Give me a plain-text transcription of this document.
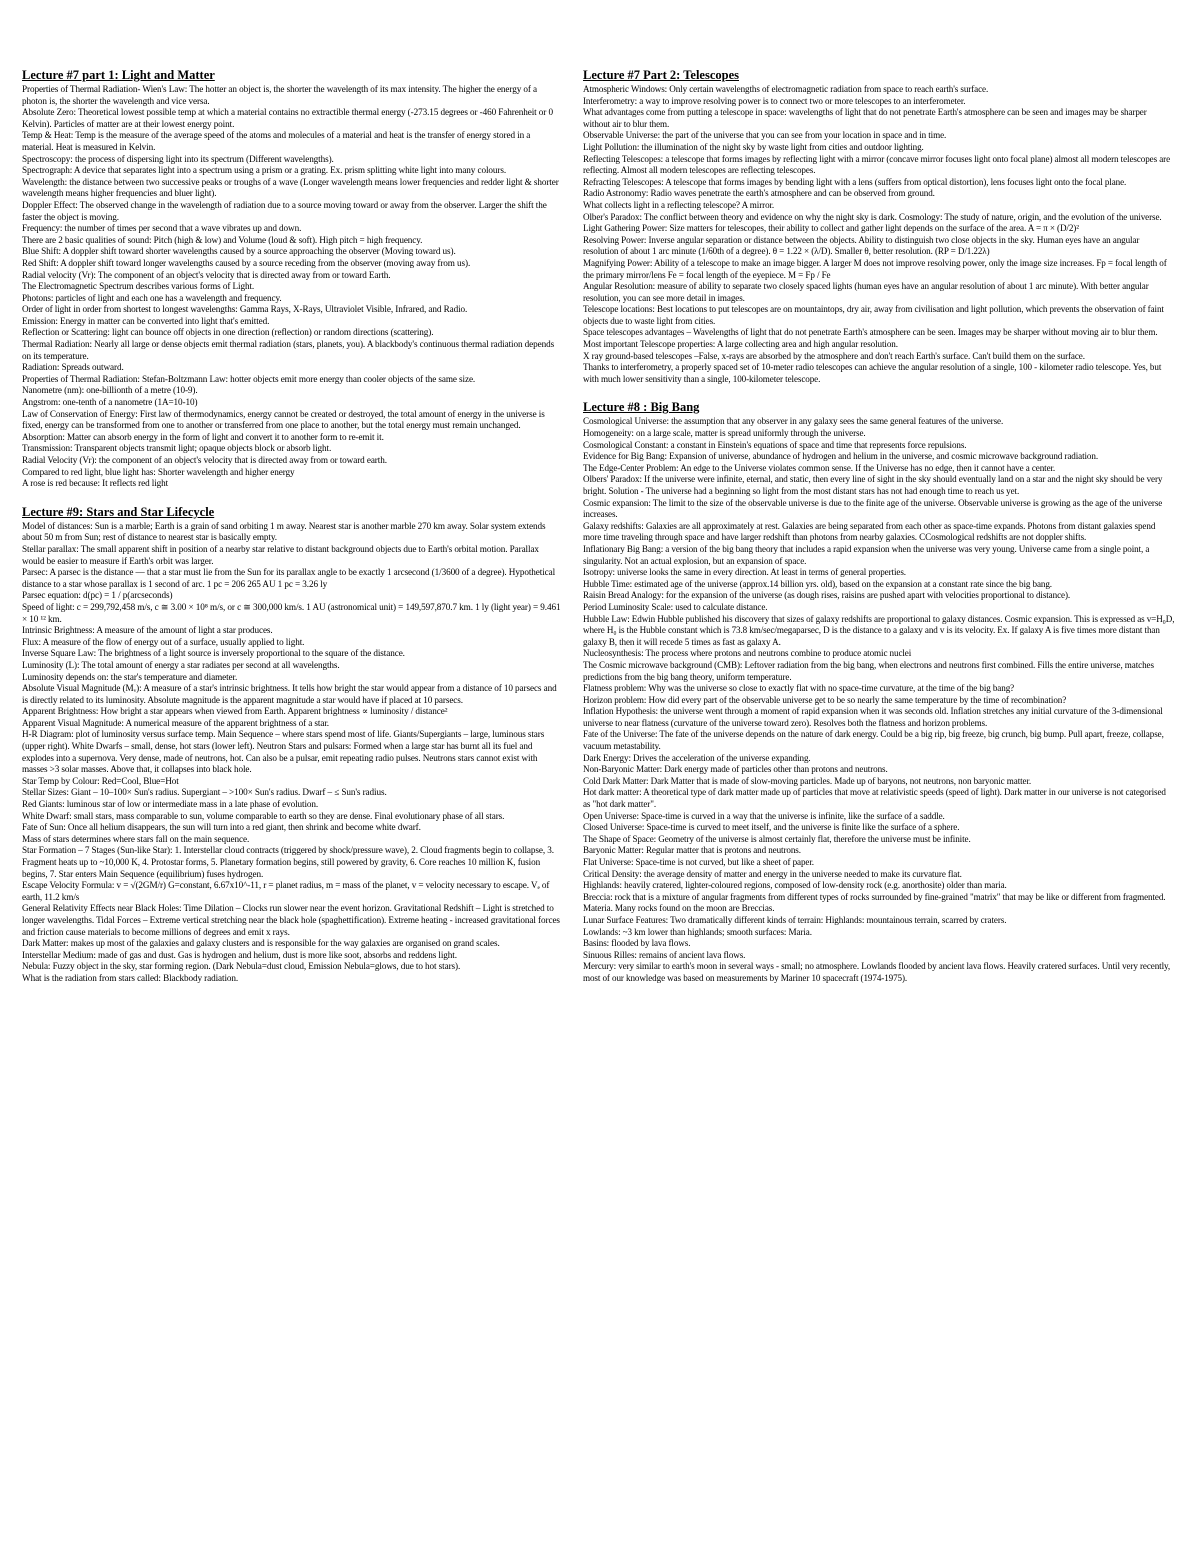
Lecture #7 part 1: Light and Matter
Properties of Thermal Radiation- Wien's Law: The hotter an object is, the shorter the wavelength of its max intensity. The higher the energy of a photon is, the shorter the wavelength and vice versa.
Absolute Zero: Theoretical lowest possible temp at which a material contains no extractible thermal energy (-273.15 degrees or -460 Fahrenheit or 0 Kelvin). Particles of matter are at their lowest energy point.
Temp & Heat: Temp is the measure of the average speed of the atoms and molecules of a material and heat is the transfer of energy stored in a material. Heat is measured in Kelvin.
Spectroscopy: the process of dispersing light into its spectrum (Different wavelengths).
Spectrograph: A device that separates light into a spectrum using a prism or a grating. Ex. prism splitting white light into many colours.
Wavelength: the distance between two successive peaks or troughs of a wave (Longer wavelength means lower frequencies and redder light & shorter wavelength means higher frequencies and bluer light).
Doppler Effect: The observed change in the wavelength of radiation due to a source moving toward or away from the observer. Larger the shift the faster the object is moving.
Frequency: the number of times per second that a wave vibrates up and down.
There are 2 basic qualities of sound: Pitch (high & low) and Volume (loud & soft). High pitch = high frequency.
Blue Shift: A doppler shift toward shorter wavelengths caused by a source approaching the observer (Moving toward us).
Red Shift: A doppler shift toward longer wavelengths caused by a source receding from the observer (moving away from us).
Radial velocity (Vr): The component of an object's velocity that is directed away from or toward Earth.
The Electromagnetic Spectrum describes various forms of Light.
Photons: particles of light and each one has a wavelength and frequency.
Order of light in order from shortest to longest wavelengths: Gamma Rays, X-Rays, Ultraviolet Visible, Infrared, and Radio.
Emission: Energy in matter can be converted into light that's emitted.
Reflection or Scattering: light can bounce off objects in one direction (reflection) or random directions (scattering).
Thermal Radiation: Nearly all large or dense objects emit thermal radiation (stars, planets, you). A blackbody's continuous thermal radiation depends on its temperature.
Radiation: Spreads outward.
Properties of Thermal Radiation: Stefan-Boltzmann Law: hotter objects emit more energy than cooler objects of the same size.
Nanometre (nm): one-billionth of a metre (10-9).
Angstrom: one-tenth of a nanometre (1A=10-10)
Law of Conservation of Energy: First law of thermodynamics, energy cannot be created or destroyed, the total amount of energy in the universe is fixed, energy can be transformed from one to another or transferred from one place to another, but the total energy must remain unchanged.
Absorption: Matter can absorb energy in the form of light and convert it to another form to re-emit it.
Transmission: Transparent objects transmit light; opaque objects block or absorb light.
Radial Velocity (Vr): the component of an object's velocity that is directed away from or toward earth.
Compared to red light, blue light has: Shorter wavelength and higher energy
A rose is red because: It reflects red light
Lecture #9: Stars and Star Lifecycle
Model of distances: Sun is a marble; Earth is a grain of sand orbiting 1 m away. Nearest star is another marble 270 km away. Solar system extends about 50 m from Sun; rest of distance to nearest star is basically empty.
Stellar parallax: The small apparent shift in position of a nearby star relative to distant background objects due to Earth's orbital motion. Parallax would be easier to measure if Earth's orbit was larger.
Parsec: A parsec is the distance — that a star must lie from the Sun for its parallax angle to be exactly 1 arcsecond (1/3600 of a degree). Hypothetical distance to a star whose parallax is 1 second of arc. 1 pc = 206 265 AU 1 pc = 3.26 ly
Parsec equation: d(pc) = 1 / p(arcseconds)
Speed of light: c = 299,792,458 m/s, c ≅ 3.00 × 10⁸ m/s, or c ≅ 300,000 km/s. 1 AU (astronomical unit) = 149,597,870.7 km. 1 ly (light year) = 9.461 × 10 ¹² km.
Intrinsic Brightness: A measure of the amount of light a star produces.
Flux: A measure of the flow of energy out of a surface, usually applied to light.
Inverse Square Law: The brightness of a light source is inversely proportional to the square of the distance.
Luminosity (L): The total amount of energy a star radiates per second at all wavelengths.
Luminosity depends on: the star's temperature and diameter.
Absolute Visual Magnitude (Mᵥ): A measure of a star's intrinsic brightness. It tells how bright the star would appear from a distance of 10 parsecs and is directly related to its luminosity. Absolute magnitude is the apparent magnitude a star would have if placed at 10 parsecs.
Apparent Brightness: How bright a star appears when viewed from Earth. Apparent brightness ∝ luminosity / distance²
Apparent Visual Magnitude: A numerical measure of the apparent brightness of a star.
H-R Diagram: plot of luminosity versus surface temp. Main Sequence – where stars spend most of life. Giants/Supergiants – large, luminous stars (upper right). White Dwarfs – small, dense, hot stars (lower left). Neutron Stars and pulsars: Formed when a large star has burnt all its fuel and explodes into a supernova. Very dense, made of neutrons, hot. Can also be a pulsar, emit repeating radio pulses. Neutrons stars cannot exist with masses >3 solar masses. Above that, it collapses into black hole.
Star Temp by Colour: Red=Cool, Blue=Hot
Stellar Sizes: Giant – 10–100× Sun's radius. Supergiant – >100× Sun's radius. Dwarf – ≤ Sun's radius.
Red Giants: luminous star of low or intermediate mass in a late phase of evolution.
White Dwarf: small stars, mass comparable to sun, volume comparable to earth so they are dense. Final evolutionary phase of all stars.
Fate of Sun: Once all helium disappears, the sun will turn into a red giant, then shrink and become white dwarf.
Mass of stars determines where stars fall on the main sequence.
Star Formation – 7 Stages (Sun-like Star): 1. Interstellar cloud contracts (triggered by shock/pressure wave), 2. Cloud fragments begin to collapse, 3. Fragment heats up to ~10,000 K, 4. Protostar forms, 5. Planetary formation begins, still powered by gravity, 6. Core reaches 10 million K, fusion begins, 7. Star enters Main Sequence (equilibrium) fuses hydrogen.
Escape Velocity Formula: v = √(2GM/r) G=constant, 6.67x10^-11, r = planet radius, m = mass of the planet, v = velocity necessary to escape. Vₑ of earth, 11.2 km/s
General Relativity Effects near Black Holes: Time Dilation – Clocks run slower near the event horizon. Gravitational Redshift – Light is stretched to longer wavelengths. Tidal Forces – Extreme vertical stretching near the black hole (spaghettification). Extreme heating - increased gravitational forces and friction cause materials to become millions of degrees and emit x rays.
Dark Matter: makes up most of the galaxies and galaxy clusters and is responsible for the way galaxies are organised on grand scales.
Interstellar Medium: made of gas and dust. Gas is hydrogen and helium, dust is more like soot, absorbs and reddens light.
Nebula: Fuzzy object in the sky, star forming region. (Dark Nebula=dust cloud, Emission Nebula=glows, due to hot stars).
What is the radiation from stars called: Blackbody radiation.
Lecture #7 Part 2: Telescopes
Atmospheric Windows: Only certain wavelengths of electromagnetic radiation from space to reach earth's surface.
Interferometry: a way to improve resolving power is to connect two or more telescopes to an interferometer.
What advantages come from putting a telescope in space: wavelengths of light that do not penetrate Earth's atmosphere can be seen and images may be sharper without air to blur them.
Observable Universe: the part of the universe that you can see from your location in space and in time.
Light Pollution: the illumination of the night sky by waste light from cities and outdoor lighting.
Reflecting Telescopes: a telescope that forms images by reflecting light with a mirror (concave mirror focuses light onto focal plane) almost all modern telescopes are reflecting. Almost all modern telescopes are reflecting telescopes.
Refracting Telescopes: A telescope that forms images by bending light with a lens (suffers from optical distortion), lens focuses light onto the focal plane.
Radio Astronomy: Radio waves penetrate the earth's atmosphere and can be observed from ground.
What collects light in a reflecting telescope? A mirror.
Olber's Paradox: The conflict between theory and evidence on why the night sky is dark. Cosmology: The study of nature, origin, and the evolution of the universe.
Light Gathering Power: Size matters for telescopes, their ability to collect and gather light depends on the surface of the area. A = π × (D/2)²
Resolving Power: Inverse angular separation or distance between the objects. Ability to distinguish two close objects in the sky. Human eyes have an angular resolution of about 1 arc minute (1/60th of a degree). θ = 1.22 × (λ/D). Smaller θ, better resolution. (RP = D/1.22λ)
Magnifying Power: Ability of a telescope to make an image bigger. A larger M does not improve resolving power, only the image size increases. Fp = focal length of the primary mirror/lens Fe = focal length of the eyepiece. M = Fp / Fe
Angular Resolution: measure of ability to separate two closely spaced lights (human eyes have an angular resolution of about 1 arc minute). With better angular resolution, you can see more detail in images.
Telescope locations: Best locations to put telescopes are on mountaintops, dry air, away from civilisation and light pollution, which prevents the observation of faint objects due to waste light from cities.
Space telescopes advantages – Wavelengths of light that do not penetrate Earth's atmosphere can be seen. Images may be sharper without moving air to blur them.
Most important Telescope properties: A large collecting area and high angular resolution.
X ray ground-based telescopes –False, x-rays are absorbed by the atmosphere and don't reach Earth's surface. Can't build them on the surface.
Thanks to interferometry, a properly spaced set of 10-meter radio telescopes can achieve the angular resolution of a single, 100 - kilometer radio telescope. Yes, but with much lower sensitivity than a single, 100-kilometer telescope.
Lecture #8 : Big Bang
Cosmological Universe: the assumption that any observer in any galaxy sees the same general features of the universe.
Homogeneity: on a large scale, matter is spread uniformly through the universe.
Cosmological Constant: a constant in Einstein's equations of space and time that represents force repulsions.
Evidence for Big Bang: Expansion of universe, abundance of hydrogen and helium in the universe, and cosmic microwave background radiation.
The Edge-Center Problem: An edge to the Universe violates common sense. If the Universe has no edge, then it cannot have a center.
Olbers' Paradox: If the universe were infinite, eternal, and static, then every line of sight in the sky should eventually land on a star and the night sky should be very bright. Solution - The universe had a beginning so light from the most distant stars has not had enough time to reach us yet.
Cosmic expansion: The limit to the size of the observable universe is due to the finite age of the universe. Observable universe is growing as the age of the universe increases.
Galaxy redshifts: Galaxies are all approximately at rest. Galaxies are being separated from each other as space-time expands. Photons from distant galaxies spend more time traveling through space and have larger redshift than photons from nearby galaxies. CCosmological redshifts are not doppler shifts.
Inflationary Big Bang: a version of the big bang theory that includes a rapid expansion when the universe was very young. Universe came from a single point, a singularity. Not an actual explosion, but an expansion of space.
Isotropy: universe looks the same in every direction. At least in terms of general properties.
Hubble Time: estimated age of the universe (approx.14 billion yrs. old), based on the expansion at a constant rate since the big bang.
Raisin Bread Analogy: for the expansion of the universe (as dough rises, raisins are pushed apart with velocities proportional to distance).
Period Luminosity Scale: used to calculate distance.
Hubble Law: Edwin Hubble published his discovery that sizes of galaxy redshifts are proportional to galaxy distances. Cosmic expansion. This is expressed as v=H₀D, where H₀ is the Hubble constant which is 73.8 km/sec/megaparsec, D is the distance to a galaxy and v is its velocity. Ex. If galaxy A is five times more distant than galaxy B, then it will recede 5 times as fast as galaxy A.
Nucleosynthesis: The process where protons and neutrons combine to produce atomic nuclei
The Cosmic microwave background (CMB): Leftover radiation from the big bang, when electrons and neutrons first combined. Fills the entire universe, matches predictions from the big bang theory, uniform temperature.
Flatness problem: Why was the universe so close to exactly flat with no space-time curvature, at the time of the big bang?
Horizon problem: How did every part of the observable universe get to be so nearly the same temperature by the time of recombination?
Inflation Hypothesis: the universe went through a moment of rapid expansion when it was seconds old. Inflation stretches any initial curvature of the 3-dimensional universe to near flatness (curvature of the universe toward zero). Resolves both the flatness and horizon problems.
Fate of the Universe: The fate of the universe depends on the nature of dark energy. Could be a big rip, big freeze, big crunch, big bump. Pull apart, freeze, collapse, vacuum metastability.
Dark Energy: Drives the acceleration of the universe expanding.
Non-Baryonic Matter: Dark energy made of particles other than protons and neutrons.
Cold Dark Matter: Dark Matter that is made of slow-moving particles. Made up of baryons, not neutrons, non baryonic matter.
Hot dark matter: A theoretical type of dark matter made up of particles that move at relativistic speeds (speed of light). Dark matter in our universe is not categorised as "hot dark matter".
Open Universe: Space-time is curved in a way that the universe is infinite, like the surface of a saddle.
Closed Universe: Space-time is curved to meet itself, and the universe is finite like the surface of a sphere.
The Shape of Space: Geometry of the universe is almost certainly flat, therefore the universe must be infinite.
Baryonic Matter: Regular matter that is protons and neutrons.
Flat Universe: Space-time is not curved, but like a sheet of paper.
Critical Density: the average density of matter and energy in the universe needed to make its curvature flat.
Highlands: heavily cratered, lighter-coloured regions, composed of low-density rock (e.g. anorthosite) older than maria.
Breccia: rock that is a mixture of angular fragments from different types of rocks surrounded by fine-grained "matrix" that may be like or different from fragmented. Materia. Many rocks found on the moon are Breccias.
Lunar Surface Features: Two dramatically different kinds of terrain: Highlands: mountainous terrain, scarred by craters.
Lowlands: ~3 km lower than highlands; smooth surfaces: Maria.
Basins: flooded by lava flows.
Sinuous Rilles: remains of ancient lava flows.
Mercury: very similar to earth's moon in several ways - small; no atmosphere. Lowlands flooded by ancient lava flows. Heavily cratered surfaces. Until very recently, most of our knowledge was based on measurements by Mariner 10 spacecraft (1974-1975).
